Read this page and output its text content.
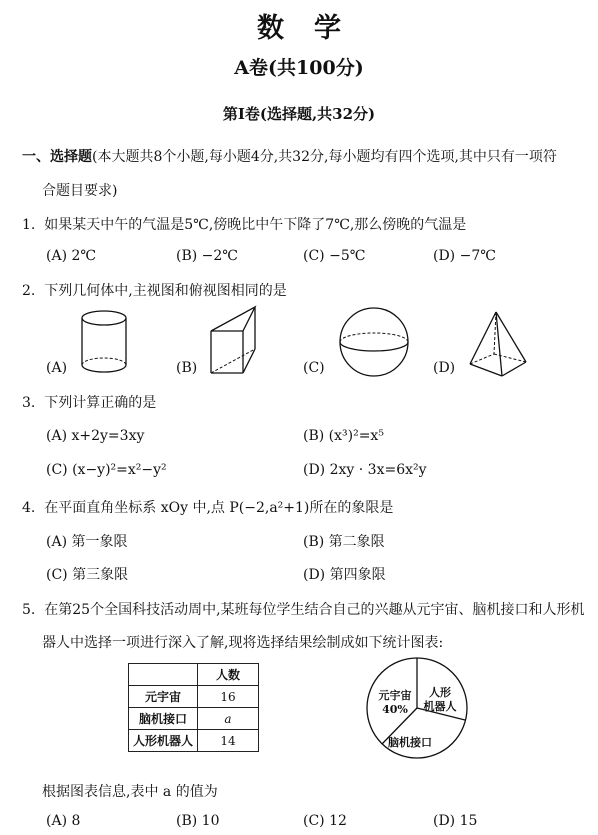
数学
A卷(共100分)
第Ⅰ卷(选择题,共32分)
一、选择题(本大题共8个小题,每小题4分,共32分,每小题均有四个选项,其中只有一项符
合题目要求)
1. 如果某天中午的气温是5℃,傍晚比中午下降了7℃,那么傍晚的气温是
(A) 2℃	(B) −2℃	(C) −5℃	(D) −7℃
2. 下列几何体中,主视图和俯视图相同的是
(A)	(B)	(C)	(D)
3. 下列计算正确的是
(A) x+2y=3xy	(B) (x³)²=x⁵
(C) (x−y)²=x²−y²	(D) 2xy · 3x=6x²y
4. 在平面直角坐标系 xOy 中,点 P(−2,a²+1)所在的象限是
(A) 第一象限	(B) 第二象限
(C) 第三象限	(D) 第四象限
5. 在第25个全国科技活动周中,某班每位学生结合自己的兴趣从元宇宙、脑机接口和人形机
器人中选择一项进行深入了解,现将选择结果绘制成如下统计图表:
	人数
元宇宙	16
脑机接口	a
人形机器人	14
元宇宙
40%
人形
机器人
脑机接口
根据图表信息,表中 a 的值为
(A) 8	(B) 10	(C) 12	(D) 15
